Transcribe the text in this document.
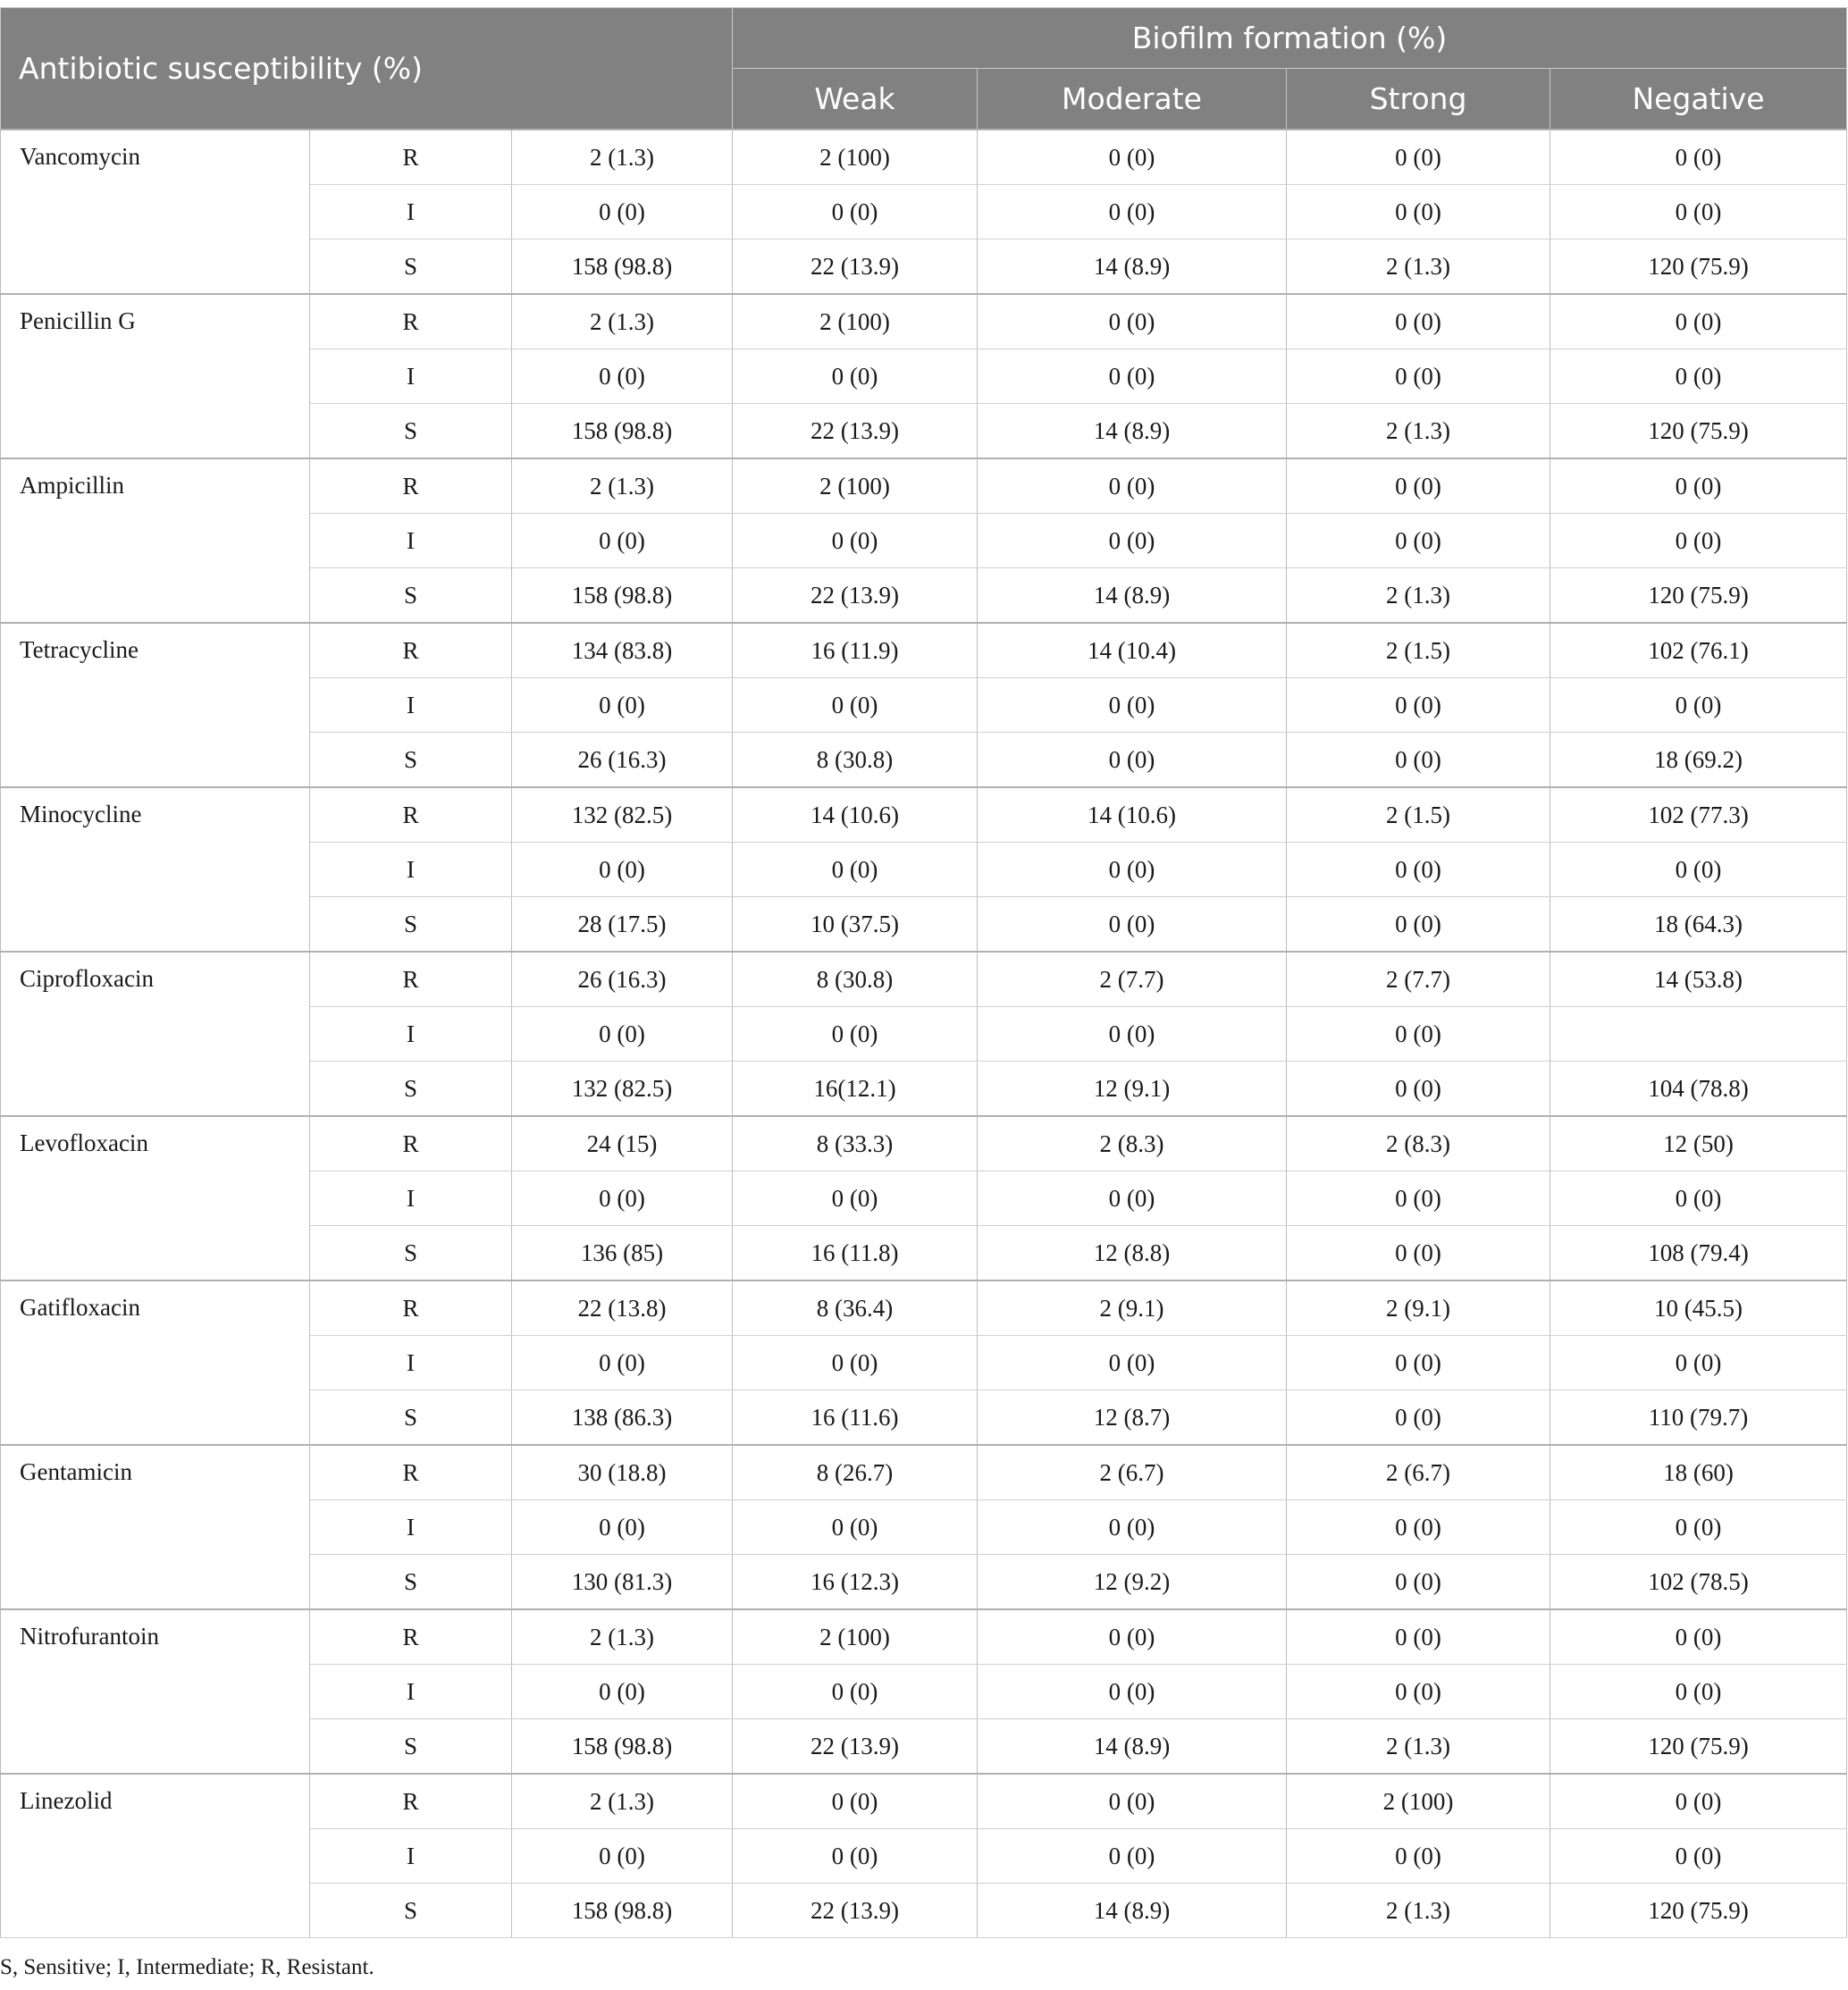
Antibiotic susceptibility (%)			Biofilm formation (%)			
			Weak	Moderate	Strong	Negative
Vancomycin	R	2 (1.3)	2 (100)	0 (0)	0 (0)	0 (0)
	I	0 (0)	0 (0)	0 (0)	0 (0)	0 (0)
	S	158 (98.8)	22 (13.9)	14 (8.9)	2 (1.3)	120 (75.9)
Penicillin G	R	2 (1.3)	2 (100)	0 (0)	0 (0)	0 (0)
	I	0 (0)	0 (0)	0 (0)	0 (0)	0 (0)
	S	158 (98.8)	22 (13.9)	14 (8.9)	2 (1.3)	120 (75.9)
Ampicillin	R	2 (1.3)	2 (100)	0 (0)	0 (0)	0 (0)
	I	0 (0)	0 (0)	0 (0)	0 (0)	0 (0)
	S	158 (98.8)	22 (13.9)	14 (8.9)	2 (1.3)	120 (75.9)
Tetracycline	R	134 (83.8)	16 (11.9)	14 (10.4)	2 (1.5)	102 (76.1)
	I	0 (0)	0 (0)	0 (0)	0 (0)	0 (0)
	S	26 (16.3)	8 (30.8)	0 (0)	0 (0)	18 (69.2)
Minocycline	R	132 (82.5)	14 (10.6)	14 (10.6)	2 (1.5)	102 (77.3)
	I	0 (0)	0 (0)	0 (0)	0 (0)	0 (0)
	S	28 (17.5)	10 (37.5)	0 (0)	0 (0)	18 (64.3)
Ciprofloxacin	R	26 (16.3)	8 (30.8)	2 (7.7)	2 (7.7)	14 (53.8)
	I	0 (0)	0 (0)	0 (0)	0 (0)	
	S	132 (82.5)	16(12.1)	12 (9.1)	0 (0)	104 (78.8)
Levofloxacin	R	24 (15)	8 (33.3)	2 (8.3)	2 (8.3)	12 (50)
	I	0 (0)	0 (0)	0 (0)	0 (0)	0 (0)
	S	136 (85)	16 (11.8)	12 (8.8)	0 (0)	108 (79.4)
Gatifloxacin	R	22 (13.8)	8 (36.4)	2 (9.1)	2 (9.1)	10 (45.5)
	I	0 (0)	0 (0)	0 (0)	0 (0)	0 (0)
	S	138 (86.3)	16 (11.6)	12 (8.7)	0 (0)	110 (79.7)
Gentamicin	R	30 (18.8)	8 (26.7)	2 (6.7)	2 (6.7)	18 (60)
	I	0 (0)	0 (0)	0 (0)	0 (0)	0 (0)
	S	130 (81.3)	16 (12.3)	12 (9.2)	0 (0)	102 (78.5)
Nitrofurantoin	R	2 (1.3)	2 (100)	0 (0)	0 (0)	0 (0)
	I	0 (0)	0 (0)	0 (0)	0 (0)	0 (0)
	S	158 (98.8)	22 (13.9)	14 (8.9)	2 (1.3)	120 (75.9)
Linezolid	R	2 (1.3)	0 (0)	0 (0)	2 (100)	0 (0)
	I	0 (0)	0 (0)	0 (0)	0 (0)	0 (0)
	S	158 (98.8)	22 (13.9)	14 (8.9)	2 (1.3)	120 (75.9)
S, Sensitive; I, Intermediate; R, Resistant.
